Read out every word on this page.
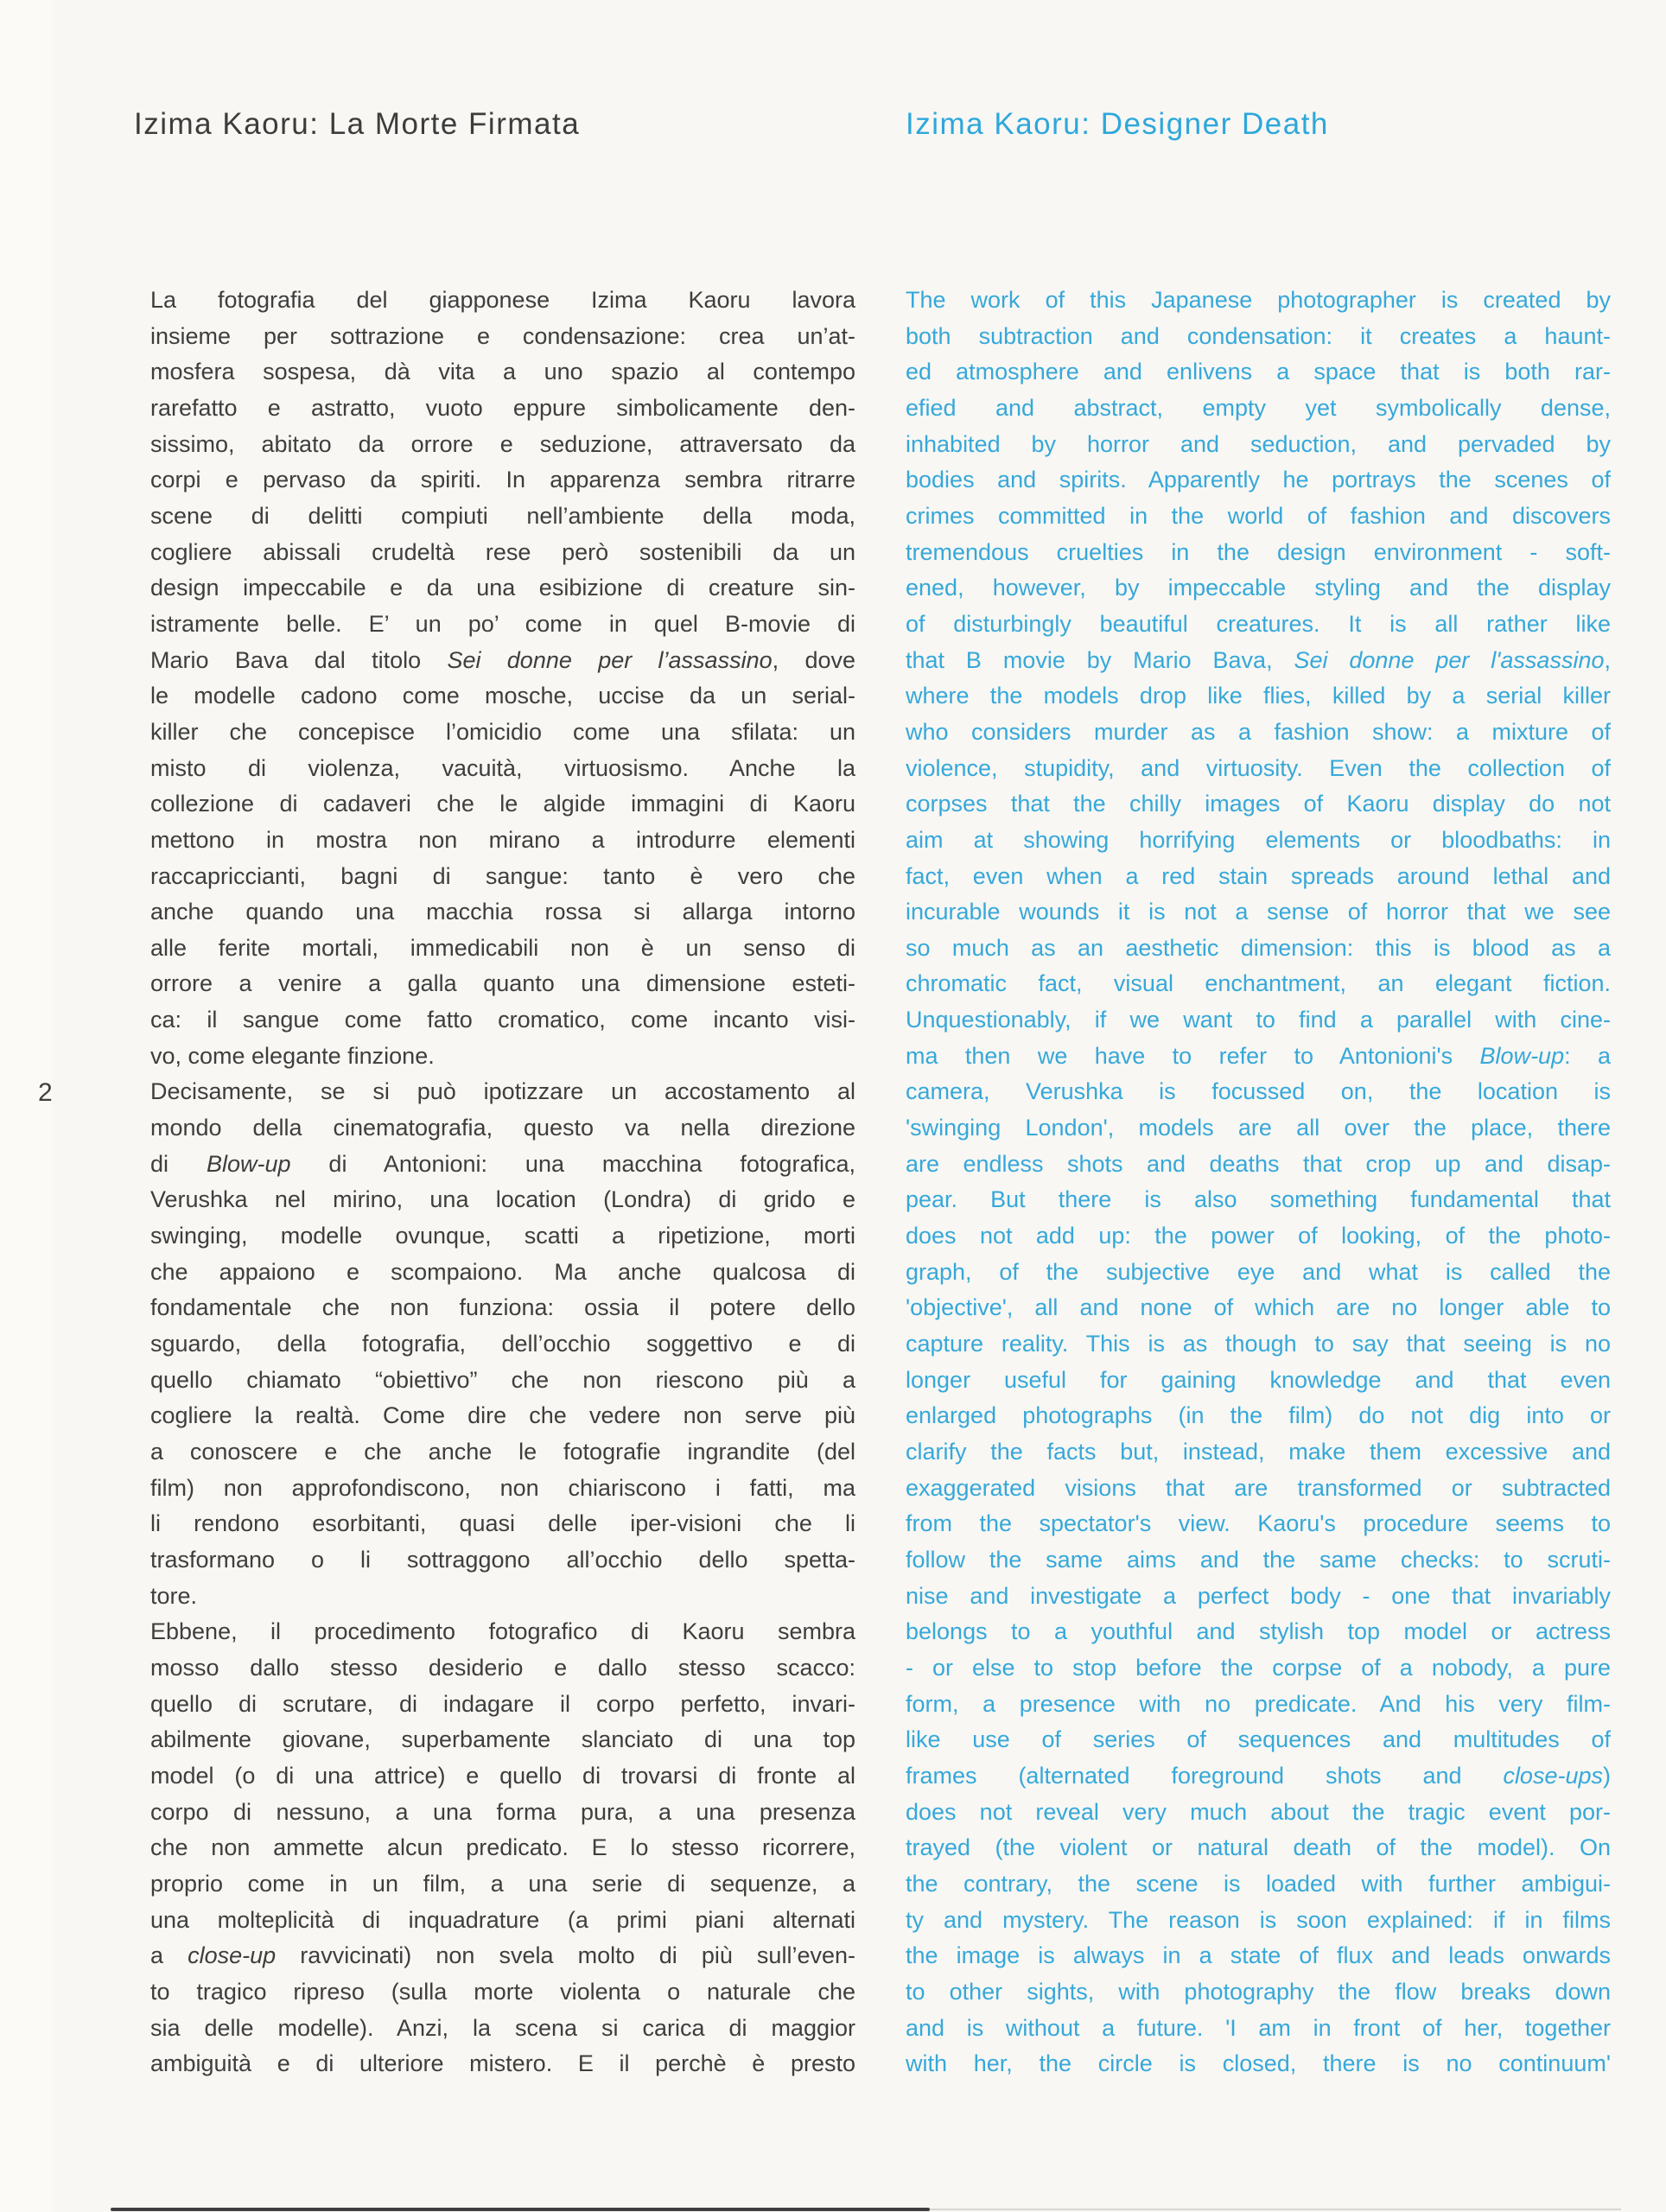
Izima Kaoru: La Morte Firmata	Izima Kaoru: Designer Death
2
La fotografia del giapponese Izima Kaoru lavora
insieme per sottrazione e condensazione: crea un’at-
mosfera sospesa, dà vita a uno spazio al contempo
rarefatto e astratto, vuoto eppure simbolicamente den-
sissimo, abitato da orrore e seduzione, attraversato da
corpi e pervaso da spiriti. In apparenza sembra ritrarre
scene di delitti compiuti nell’ambiente della moda,
cogliere abissali crudeltà rese però sostenibili da un
design impeccabile e da una esibizione di creature sin-
istramente belle. E’ un po’ come in quel B-movie di
Mario Bava dal titolo Sei donne per l’assassino, dove
le modelle cadono come mosche, uccise da un serial-
killer che concepisce l’omicidio come una sfilata: un
misto di violenza, vacuità, virtuosismo. Anche la
collezione di cadaveri che le algide immagini di Kaoru
mettono in mostra non mirano a introdurre elementi
raccapriccianti, bagni di sangue: tanto è vero che
anche quando una macchia rossa si allarga intorno
alle ferite mortali, immedicabili non è un senso di
orrore a venire a galla quanto una dimensione esteti-
ca: il sangue come fatto cromatico, come incanto visi-
vo, come elegante finzione.
Decisamente, se si può ipotizzare un accostamento al
mondo della cinematografia, questo va nella direzione
di Blow-up di Antonioni: una macchina fotografica,
Verushka nel mirino, una location (Londra) di grido e
swinging, modelle ovunque, scatti a ripetizione, morti
che appaiono e scompaiono. Ma anche qualcosa di
fondamentale che non funziona: ossia il potere dello
sguardo, della fotografia, dell’occhio soggettivo e di
quello chiamato “obiettivo” che non riescono più a
cogliere la realtà. Come dire che vedere non serve più
a conoscere e che anche le fotografie ingrandite (del
film) non approfondiscono, non chiariscono i fatti, ma
li rendono esorbitanti, quasi delle iper-visioni che li
trasformano o li sottraggono all’occhio dello spetta-
tore.
Ebbene, il procedimento fotografico di Kaoru sembra
mosso dallo stesso desiderio e dallo stesso scacco:
quello di scrutare, di indagare il corpo perfetto, invari-
abilmente giovane, superbamente slanciato di una top
model (o di una attrice) e quello di trovarsi di fronte al
corpo di nessuno, a una forma pura, a una presenza
che non ammette alcun predicato. E lo stesso ricorrere,
proprio come in un film, a una serie di sequenze, a
una molteplicità di inquadrature (a primi piani alternati
a close-up ravvicinati) non svela molto di più sull’even-
to tragico ripreso (sulla morte violenta o naturale che
sia delle modelle). Anzi, la scena si carica di maggior
ambiguità e di ulteriore mistero. E il perchè è presto
The work of this Japanese photographer is created by
both subtraction and condensation: it creates a haunt-
ed atmosphere and enlivens a space that is both rar-
efied and abstract, empty yet symbolically dense,
inhabited by horror and seduction, and pervaded by
bodies and spirits. Apparently he portrays the scenes of
crimes committed in the world of fashion and discovers
tremendous cruelties in the design environment - soft-
ened, however, by impeccable styling and the display
of disturbingly beautiful creatures. It is all rather like
that B movie by Mario Bava, Sei donne per l'assassino,
where the models drop like flies, killed by a serial killer
who considers murder as a fashion show: a mixture of
violence, stupidity, and virtuosity. Even the collection of
corpses that the chilly images of Kaoru display do not
aim at showing horrifying elements or bloodbaths: in
fact, even when a red stain spreads around lethal and
incurable wounds it is not a sense of horror that we see
so much as an aesthetic dimension: this is blood as a
chromatic fact, visual enchantment, an elegant fiction.
Unquestionably, if we want to find a parallel with cine-
ma then we have to refer to Antonioni's Blow-up: a
camera, Verushka is focussed on, the location is
'swinging London', models are all over the place, there
are endless shots and deaths that crop up and disap-
pear. But there is also something fundamental that
does not add up: the power of looking, of the photo-
graph, of the subjective eye and what is called the
'objective', all and none of which are no longer able to
capture reality. This is as though to say that seeing is no
longer useful for gaining knowledge and that even
enlarged photographs (in the film) do not dig into or
clarify the facts but, instead, make them excessive and
exaggerated visions that are transformed or subtracted
from the spectator's view. Kaoru's procedure seems to
follow the same aims and the same checks: to scruti-
nise and investigate a perfect body - one that invariably
belongs to a youthful and stylish top model or actress
- or else to stop before the corpse of a nobody, a pure
form, a presence with no predicate. And his very film-
like use of series of sequences and multitudes of
frames (alternated foreground shots and close-ups)
does not reveal very much about the tragic event por-
trayed (the violent or natural death of the model). On
the contrary, the scene is loaded with further ambigui-
ty and mystery. The reason is soon explained: if in films
the image is always in a state of flux and leads onwards
to other sights, with photography the flow breaks down
and is without a future. 'I am in front of her, together
with her, the circle is closed, there is no continuum'
